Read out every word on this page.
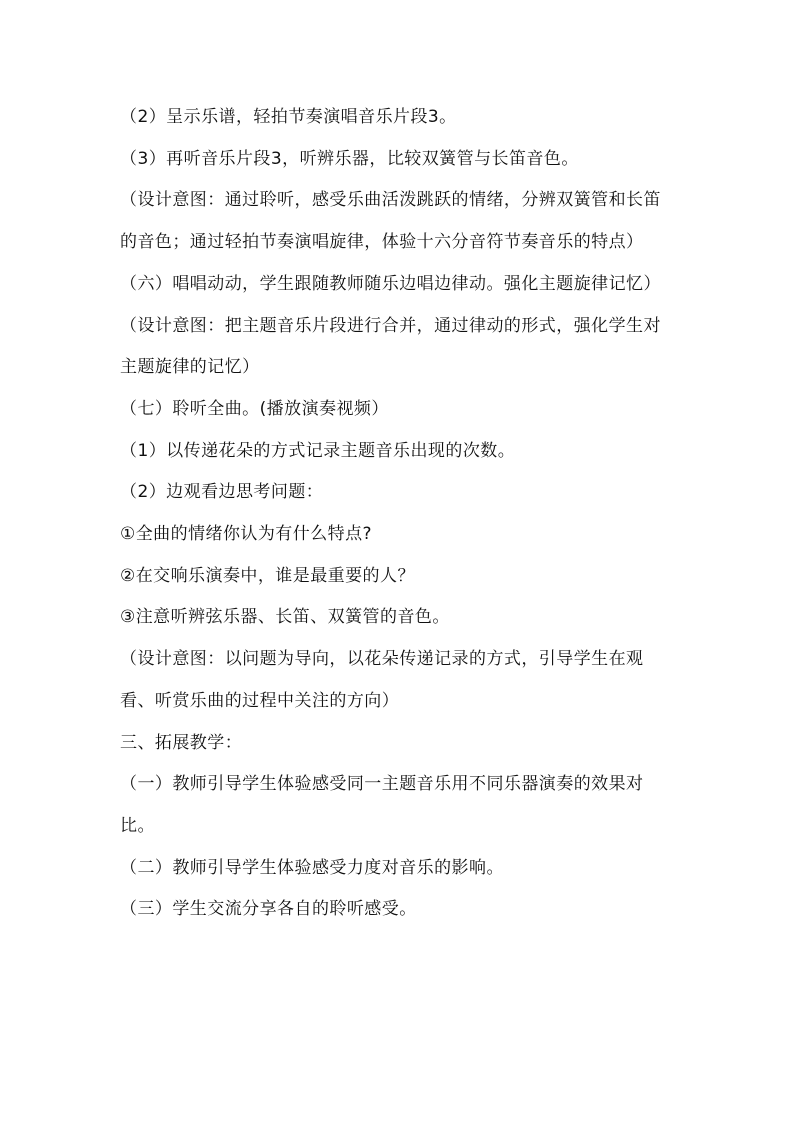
（2）呈示乐谱，轻拍节奏演唱音乐片段3。

（3）再听音乐片段3，听辨乐器，比较双簧管与长笛音色。

（设计意图：通过聆听，感受乐曲活泼跳跃的情绪，分辨双簧管和长笛的音色；通过轻拍节奏演唱旋律，体验十六分音符节奏音乐的特点）

（六）唱唱动动，学生跟随教师随乐边唱边律动。强化主题旋律记忆）

（设计意图：把主题音乐片段进行合并，通过律动的形式，强化学生对主题旋律的记忆）

（七）聆听全曲。(播放演奏视频）

（1）以传递花朵的方式记录主题音乐出现的次数。

（2）边观看边思考问题：

①全曲的情绪你认为有什么特点?

②在交响乐演奏中，谁是最重要的人？

③注意听辨弦乐器、长笛、双簧管的音色。

（设计意图：以问题为导向，以花朵传递记录的方式，引导学生在观看、听赏乐曲的过程中关注的方向）

三、拓展教学：

（一）教师引导学生体验感受同一主题音乐用不同乐器演奏的效果对比。

（二）教师引导学生体验感受力度对音乐的影响。

（三）学生交流分享各自的聆听感受。
